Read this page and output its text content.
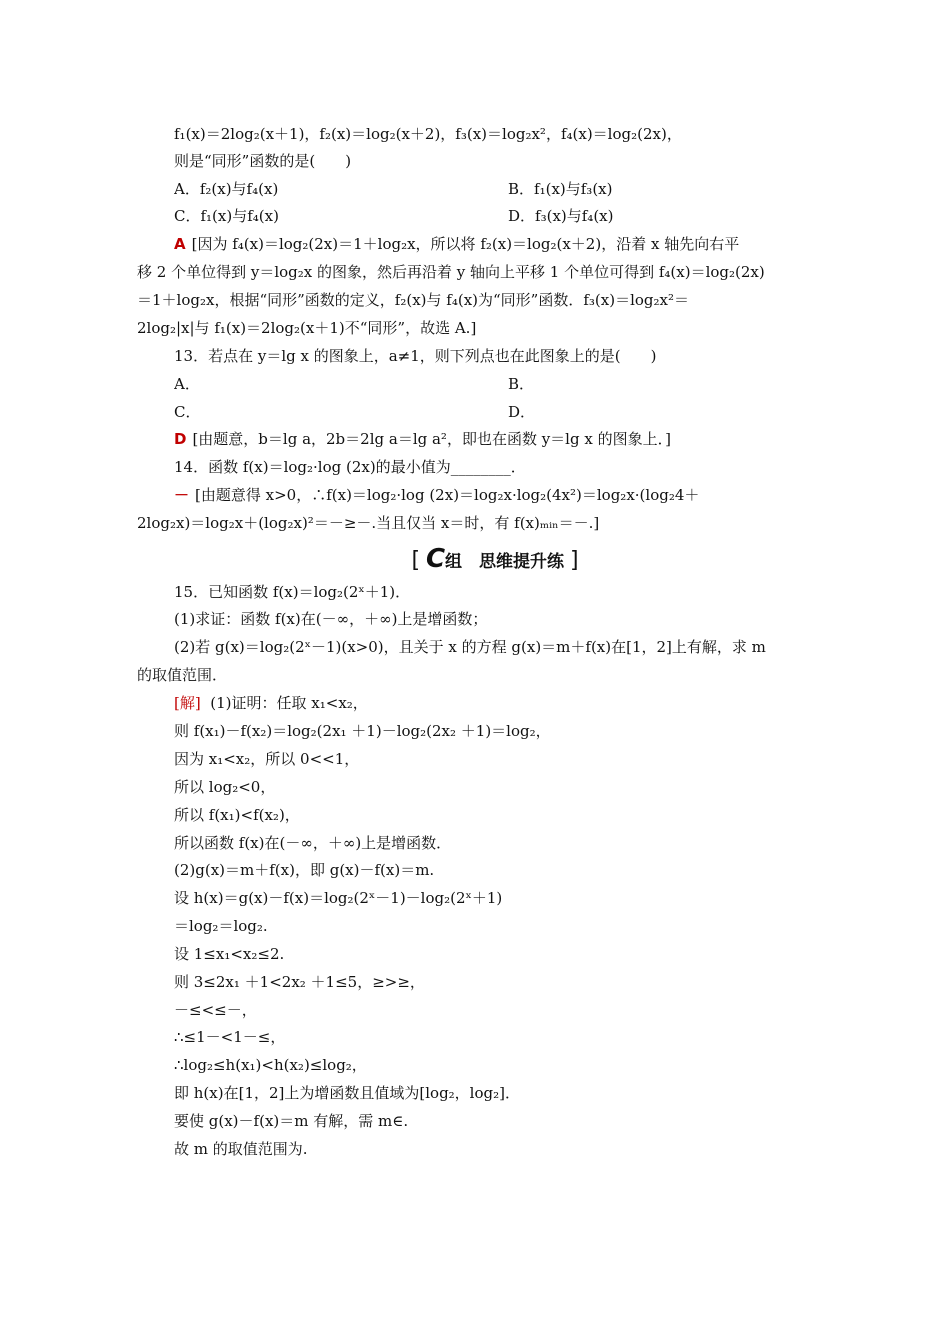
f₁(x)＝2log₂(x＋1)，f₂(x)＝log₂(x＋2)，f₃(x)＝log₂x²，f₄(x)＝log₂(2x)，
则是“同形”函数的是(　　)
A．f₂(x)与f₄(x)	B．f₁(x)与f₃(x)
C．f₁(x)与f₄(x)	D．f₃(x)与f₄(x)
A [因为 f₄(x)＝log₂(2x)＝1＋log₂x，所以将 f₂(x)＝log₂(x＋2)，沿着 x 轴先向右平
移 2 个单位得到 y＝log₂x 的图象，然后再沿着 y 轴向上平移 1 个单位可得到 f₄(x)＝log₂(2x)
＝1＋log₂x，根据“同形”函数的定义，f₂(x)与 f₄(x)为“同形”函数．f₃(x)＝log₂x²＝
2log₂|x|与 f₁(x)＝2log₂(x＋1)不“同形”，故选 A.]
13．若点在 y＝lg x 的图象上，a≠1，则下列点也在此图象上的是(　　)
A．	B．
C．	D．
D [由题意，b＝lg a，2b＝2lg a＝lg a²，即也在函数 y＝lg x 的图象上．]
14．函数 f(x)＝log₂·log (2x)的最小值为________．
－ [由题意得 x>0，∴f(x)＝log₂·log (2x)＝log₂x·log₂(4x²)＝log₂x·(log₂4＋
2log₂x)＝log₂x＋(log₂x)²＝－≥－.当且仅当 x＝时，有 f(x)ₘᵢₙ＝－.]
[ C组　思维提升练 ]
15．已知函数 f(x)＝log₂(2ˣ＋1)．
(1)求证：函数 f(x)在(－∞，＋∞)上是增函数；
(2)若 g(x)＝log₂(2ˣ－1)(x>0)，且关于 x 的方程 g(x)＝m＋f(x)在[1，2]上有解，求 m
的取值范围．
[解] (1)证明：任取 x₁<x₂，
则 f(x₁)－f(x₂)＝log₂(2x₁ ＋1)－log₂(2x₂ ＋1)＝log₂，
因为 x₁<x₂，所以 0<<1，
所以 log₂<0，
所以 f(x₁)<f(x₂)，
所以函数 f(x)在(－∞，＋∞)上是增函数．
(2)g(x)＝m＋f(x)，即 g(x)－f(x)＝m.
设 h(x)＝g(x)－f(x)＝log₂(2ˣ－1)－log₂(2ˣ＋1)
＝log₂＝log₂.
设 1≤x₁<x₂≤2.
则 3≤2x₁ ＋1<2x₂ ＋1≤5，≥>≥，
－≤<≤－，
∴≤1－<1－≤，
∴log₂≤h(x₁)<h(x₂)≤log₂，
即 h(x)在[1，2]上为增函数且值域为[log₂，log₂]．
要使 g(x)－f(x)＝m 有解，需 m∈.
故 m 的取值范围为.
